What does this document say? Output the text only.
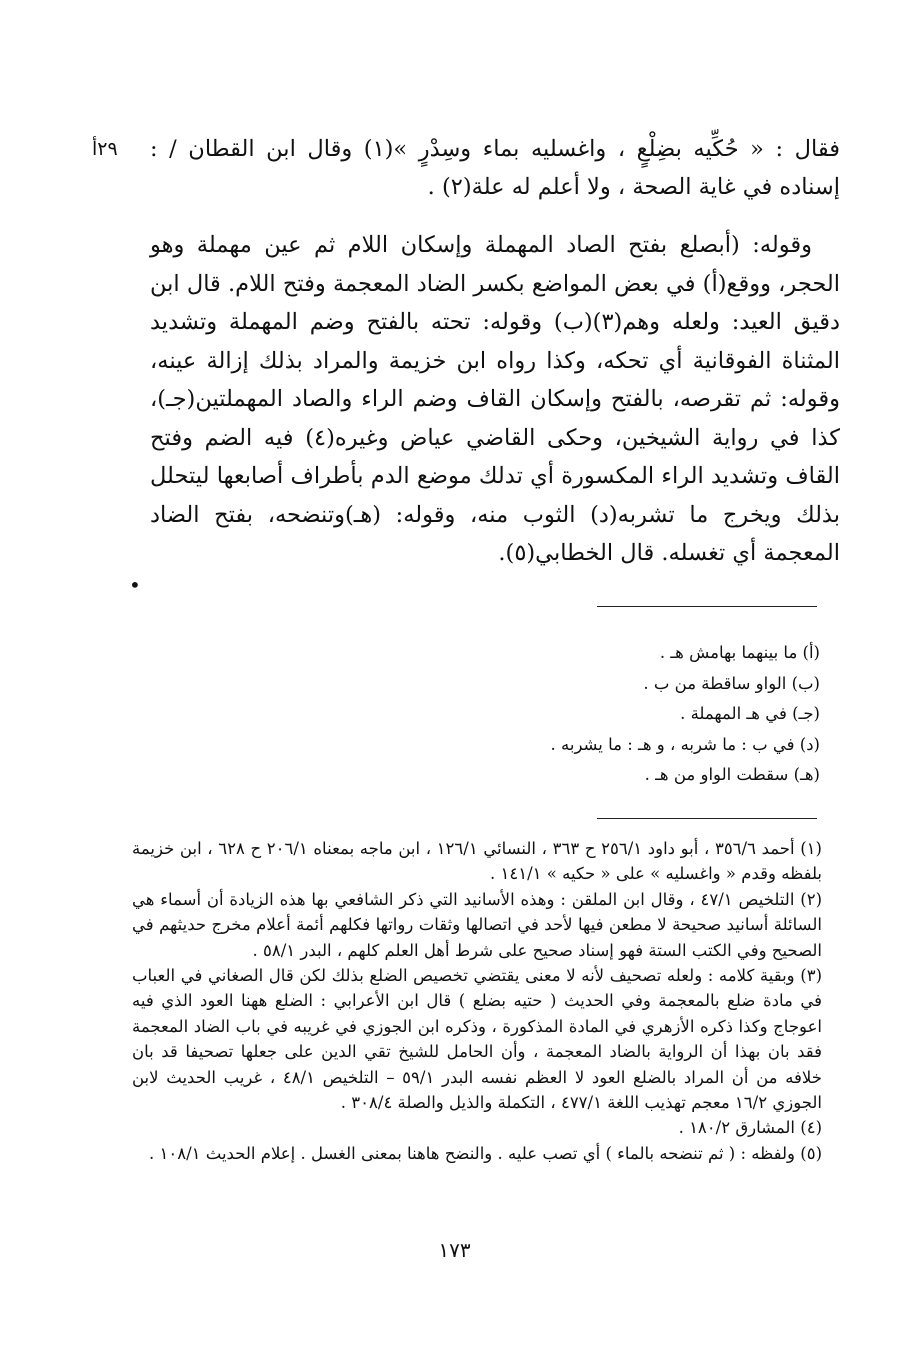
٢٩أ فقال : « حُكِّيه بضِلْعٍ ، واغسليه بماء وسِدْرٍ »(١) وقال ابن القطان / : إسناده في غاية الصحة ، ولا أعلم له علة(٢) .

وقوله: (أبصلع بفتح الصاد المهملة وإسكان اللام ثم عين مهملة وهو الحجر، ووقع(أ) في بعض المواضع بكسر الضاد المعجمة وفتح اللام. قال ابن دقيق العيد: ولعله وهم(٣)(ب) وقوله: تحته بالفتح وضم المهملة وتشديد المثناة الفوقانية أي تحكه، وكذا رواه ابن خزيمة والمراد بذلك إزالة عينه، وقوله: ثم تقرصه، بالفتح وإسكان القاف وضم الراء والصاد المهملتين(جـ)، كذا في رواية الشيخين، وحكى القاضي عياض وغيره(٤) فيه الضم وفتح القاف وتشديد الراء المكسورة أي تدلك موضع الدم بأطراف أصابعها ليتحلل بذلك ويخرج ما تشربه(د) الثوب منه، وقوله: (هـ)وتنضحه، بفتح الضاد المعجمة أي تغسله. قال الخطابي(٥).

•
(أ) ما بينهما بهامش هـ .
(ب) الواو ساقطة من ب .
(جـ) في هـ المهملة .
(د) في ب : ما شربه ، و هـ : ما يشربه .
(هـ) سقطت الواو من هـ .
(١) أحمد ٣٥٦/٦ ، أبو داود ٢٥٦/١ ح ٣٦٣ ، النسائي ١٢٦/١ ، ابن ماجه بمعناه ٢٠٦/١ ح ٦٢٨ ، ابن خزيمة بلفظه وقدم « واغسليه » على « حكيه » ١٤١/١ .
(٢) التلخيص ٤٧/١ ، وقال ابن الملقن : وهذه الأسانيد التي ذكر الشافعي بها هذه الزيادة أن أسماء هي السائلة أسانيد صحيحة لا مطعن فيها لأحد في اتصالها وثقات رواتها فكلهم أئمة أعلام مخرج حديثهم في الصحيح وفي الكتب الستة فهو إسناد صحيح على شرط أهل العلم كلهم ، البدر ٥٨/١ .
(٣) وبقية كلامه : ولعله تصحيف لأنه لا معنى يقتضي تخصيص الضلع بذلك لكن قال الصغاني في العباب في مادة ضلع بالمعجمة وفي الحديث ( حتيه بضلع ) قال ابن الأعرابي : الضلع ههنا العود الذي فيه اعوجاج وكذا ذكره الأزهري في المادة المذكورة ، وذكره ابن الجوزي في غريبه في باب الضاد المعجمة فقد بان بهذا أن الرواية بالضاد المعجمة ، وأن الحامل للشيخ تقي الدين على جعلها تصحيفا قد بان خلافه من أن المراد بالضلع العود لا العظم نفسه البدر ٥٩/١ – التلخيص ٤٨/١ ، غريب الحديث لابن الجوزي ١٦/٢ معجم تهذيب اللغة ٤٧٧/١ ، التكملة والذيل والصلة ٣٠٨/٤ .
(٤) المشارق ١٨٠/٢ .
(٥) ولفظه : ( ثم تنضحه بالماء ) أي تصب عليه . والنضح هاهنا بمعنى الغسل . إعلام الحديث ١٠٨/١ .
١٧٣
